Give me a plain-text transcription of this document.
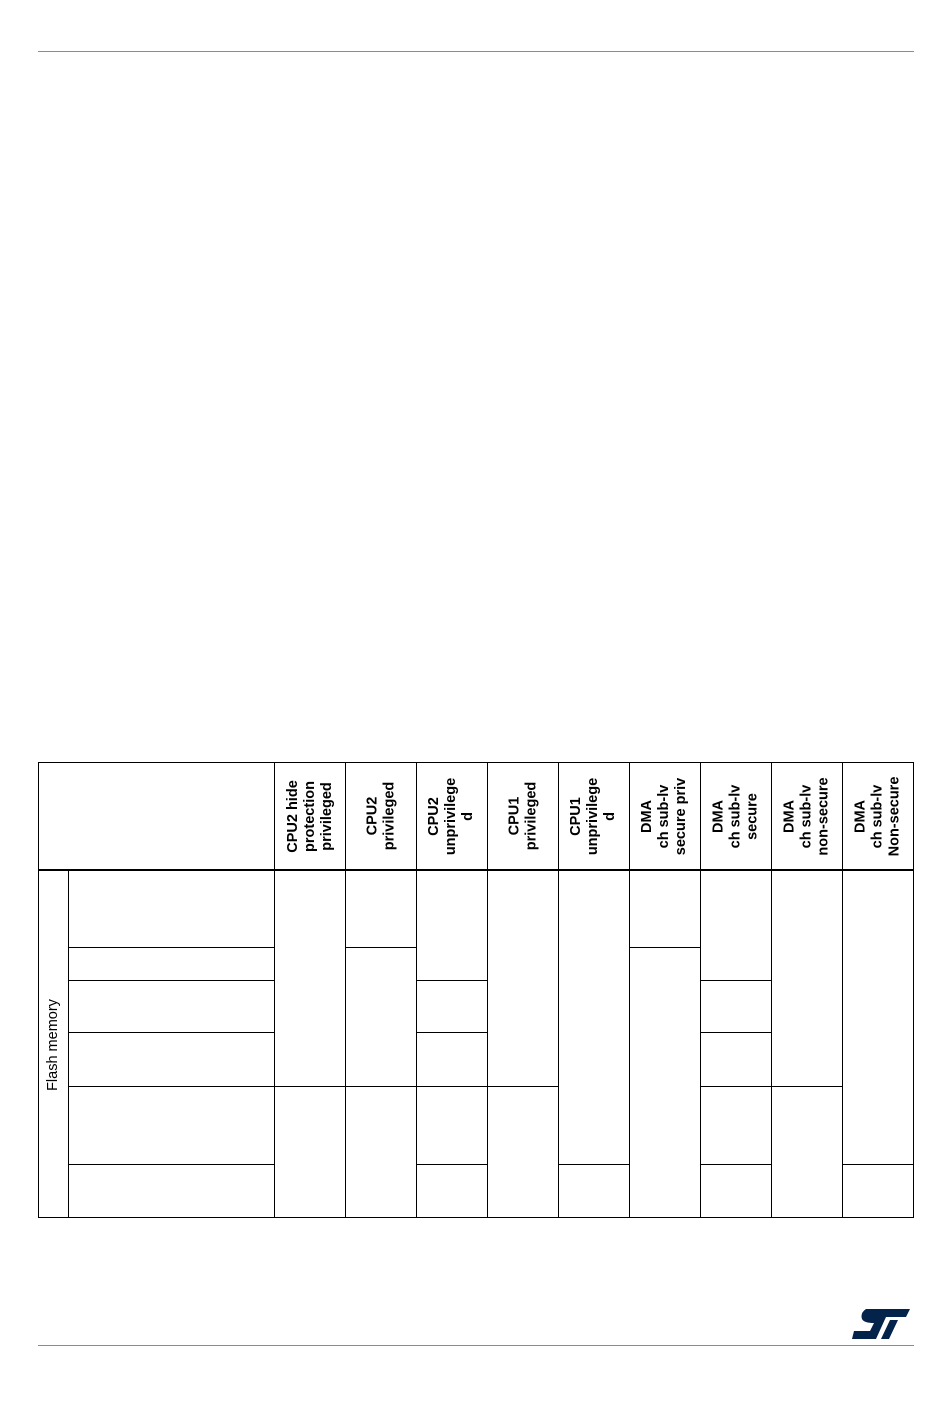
CPU2 hide
protection
privileged CPU2
privileged CPU2
unprivilege
d CPU1
privileged CPU1
unprivilege
d DMA
ch sub-lv
secure priv
DMA
ch sub-lv
secure DMA
ch sub-lv
non-secure DMA
ch sub-lv
Non-secure
Flash memory
